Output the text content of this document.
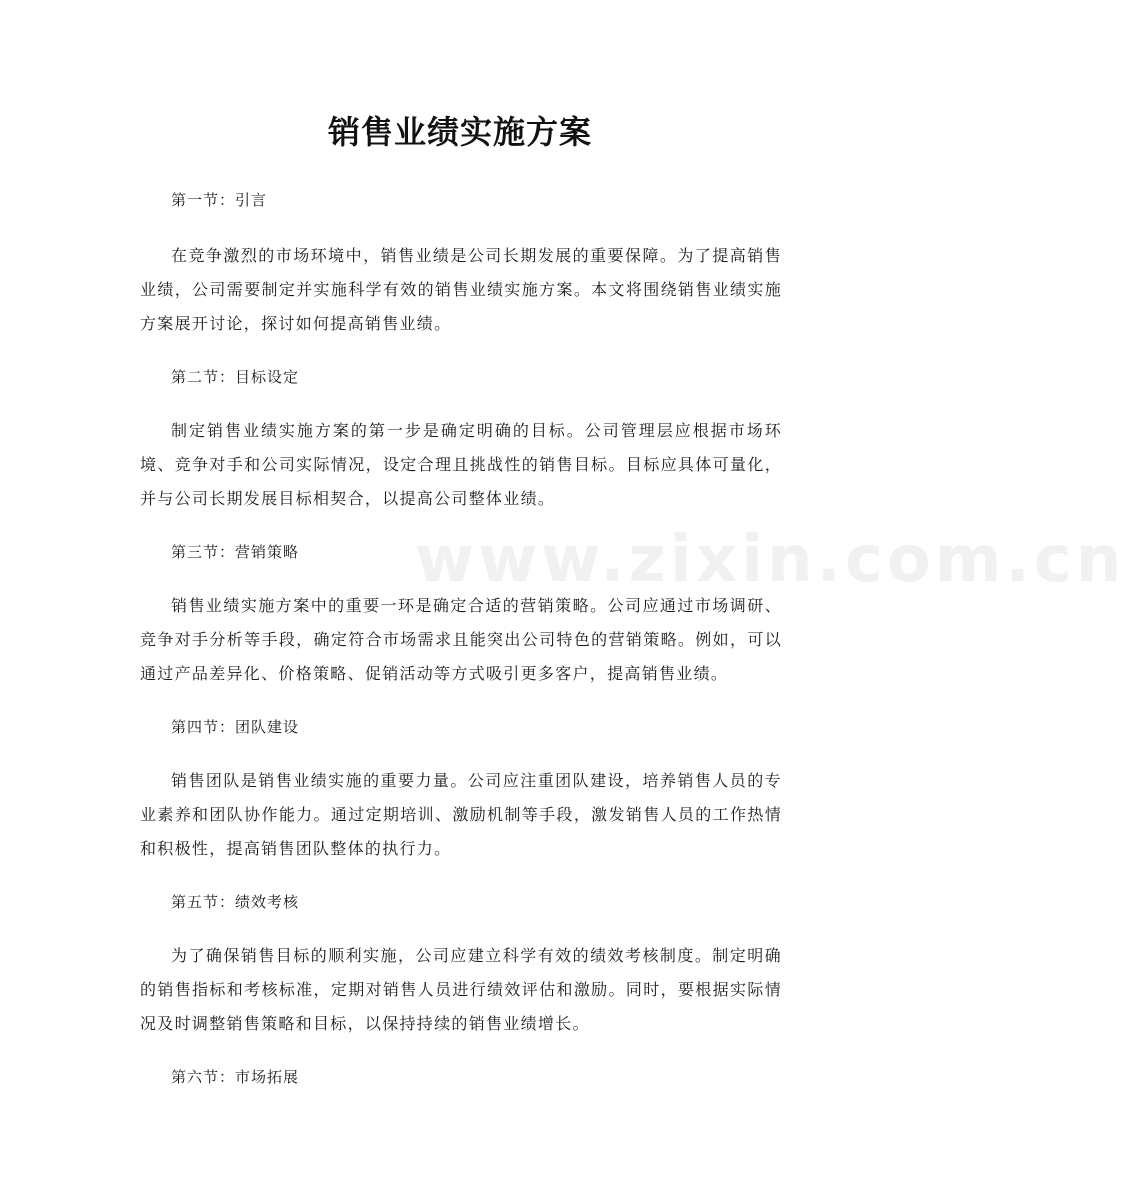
销售业绩实施方案

第一节：引言

在竞争激烈的市场环境中，销售业绩是公司长期发展的重要保障。为了提高销售业绩，公司需要制定并实施科学有效的销售业绩实施方案。本文将围绕销售业绩实施方案展开讨论，探讨如何提高销售业绩。

第二节：目标设定

制定销售业绩实施方案的第一步是确定明确的目标。公司管理层应根据市场环境、竞争对手和公司实际情况，设定合理且挑战性的销售目标。目标应具体可量化，并与公司长期发展目标相契合，以提高公司整体业绩。

第三节：营销策略

销售业绩实施方案中的重要一环是确定合适的营销策略。公司应通过市场调研、竞争对手分析等手段，确定符合市场需求且能突出公司特色的营销策略。例如，可以通过产品差异化、价格策略、促销活动等方式吸引更多客户，提高销售业绩。

第四节：团队建设

销售团队是销售业绩实施的重要力量。公司应注重团队建设，培养销售人员的专业素养和团队协作能力。通过定期培训、激励机制等手段，激发销售人员的工作热情和积极性，提高销售团队整体的执行力。

第五节：绩效考核

为了确保销售目标的顺利实施，公司应建立科学有效的绩效考核制度。制定明确的销售指标和考核标准，定期对销售人员进行绩效评估和激励。同时，要根据实际情况及时调整销售策略和目标，以保持持续的销售业绩增长。

第六节：市场拓展

www.zixin.com.cn
